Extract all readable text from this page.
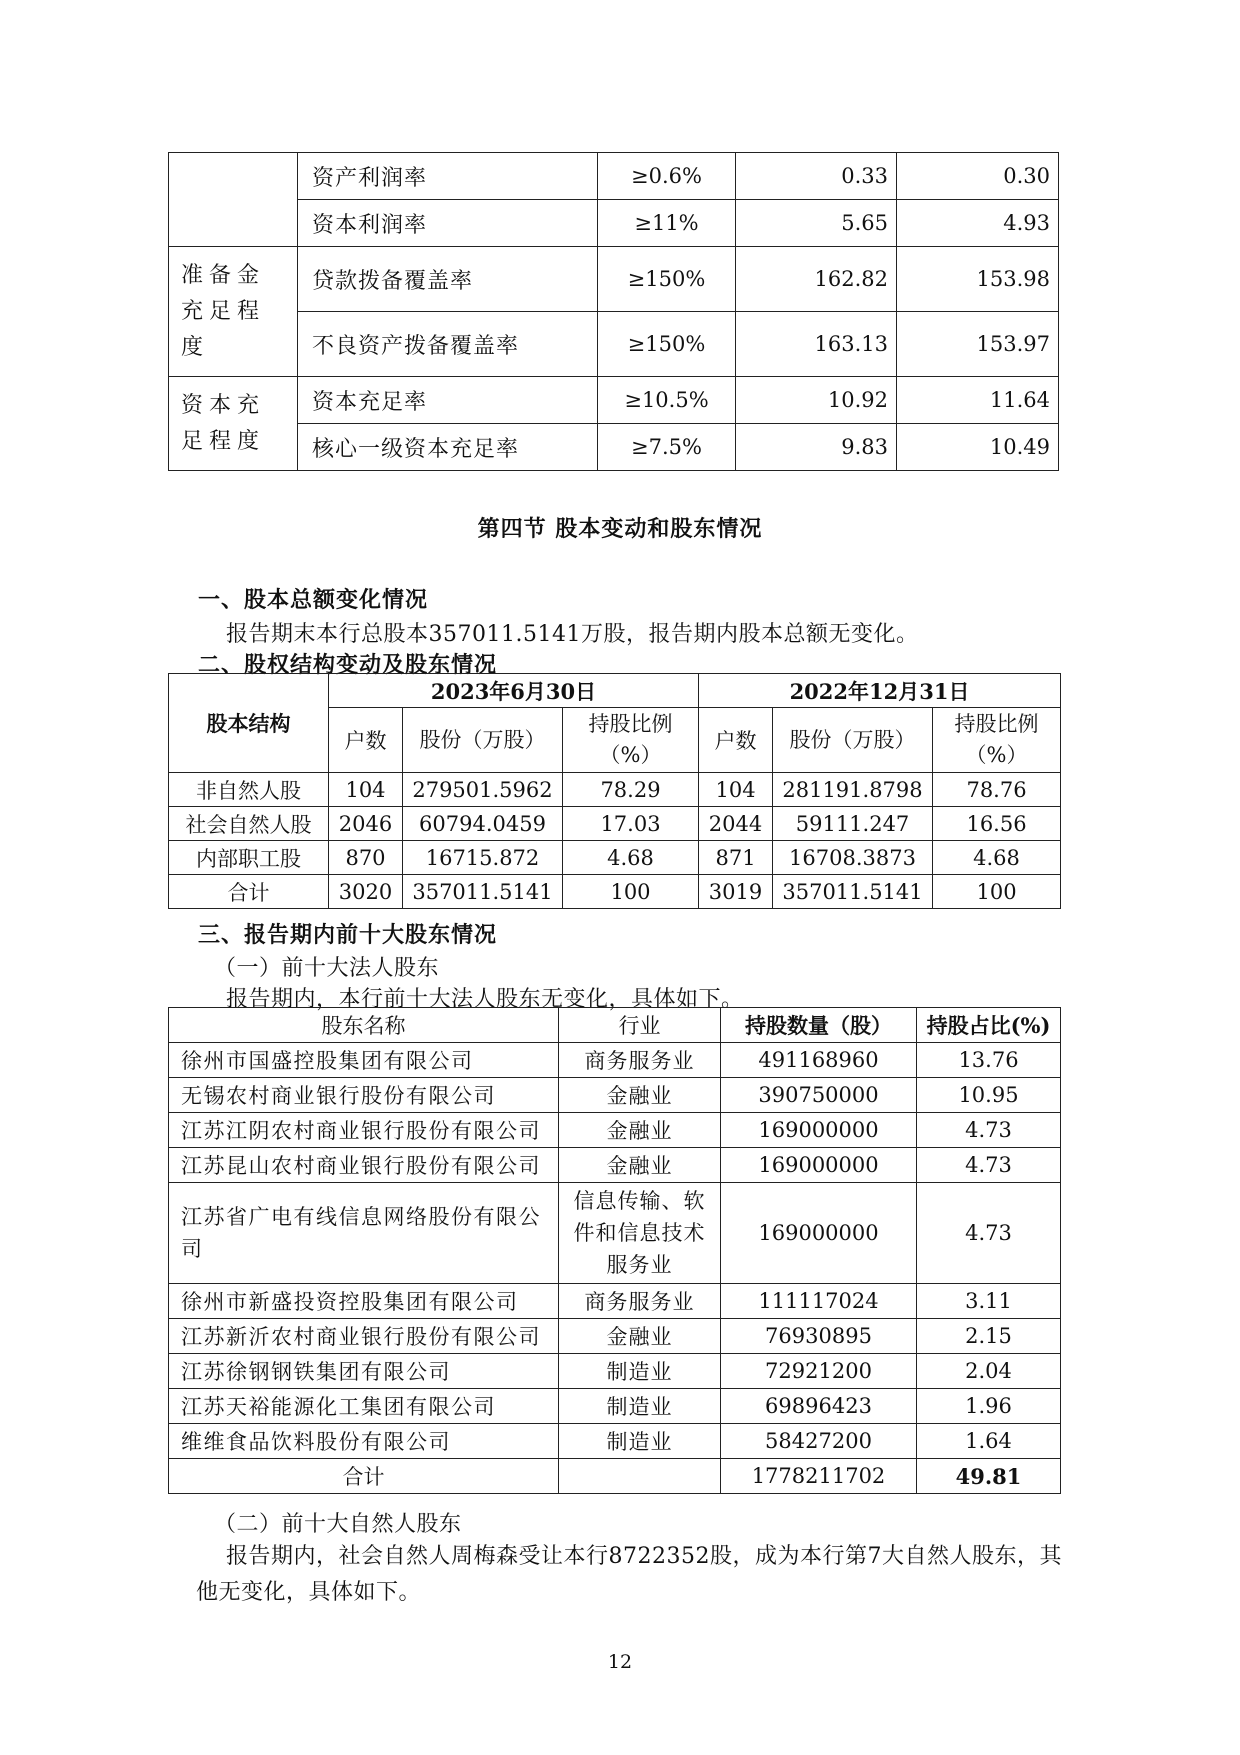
	资产利润率	≥0.6%	0.33	0.30
	资本利润率	≥11%	5.65	4.93
准备金充足程度	贷款拨备覆盖率	≥150%	162.82	153.98
	不良资产拨备覆盖率	≥150%	163.13	153.97
资本充足程度	资本充足率	≥10.5%	10.92	11.64
	核心一级资本充足率	≥7.5%	9.83	10.49
第四节 股本变动和股东情况
一、股本总额变化情况
报告期末本行总股本357011.5141万股，报告期内股本总额无变化。
二、股权结构变动及股东情况
股本结构	2023年6月30日			2022年12月31日		
	户数	股份（万股）	持股比例（%）	户数	股份（万股）	持股比例（%）
非自然人股	104	279501.5962	78.29	104	281191.8798	78.76
社会自然人股	2046	60794.0459	17.03	2044	59111.247	16.56
内部职工股	870	16715.872	4.68	871	16708.3873	4.68
合计	3020	357011.5141	100	3019	357011.5141	100
三、报告期内前十大股东情况
（一）前十大法人股东
报告期内，本行前十大法人股东无变化，具体如下。
股东名称	行业	持股数量（股）	持股占比(%)
徐州市国盛控股集团有限公司	商务服务业	491168960	13.76
无锡农村商业银行股份有限公司	金融业	390750000	10.95
江苏江阴农村商业银行股份有限公司	金融业	169000000	4.73
江苏昆山农村商业银行股份有限公司	金融业	169000000	4.73
江苏省广电有线信息网络股份有限公司	信息传输、软件和信息技术服务业	169000000	4.73
徐州市新盛投资控股集团有限公司	商务服务业	111117024	3.11
江苏新沂农村商业银行股份有限公司	金融业	76930895	2.15
江苏徐钢钢铁集团有限公司	制造业	72921200	2.04
江苏天裕能源化工集团有限公司	制造业	69896423	1.96
维维食品饮料股份有限公司	制造业	58427200	1.64
合计		1778211702	49.81
（二）前十大自然人股东
报告期内，社会自然人周梅森受让本行8722352股，成为本行第7大自然人股东，其他无变化，具体如下。
12
